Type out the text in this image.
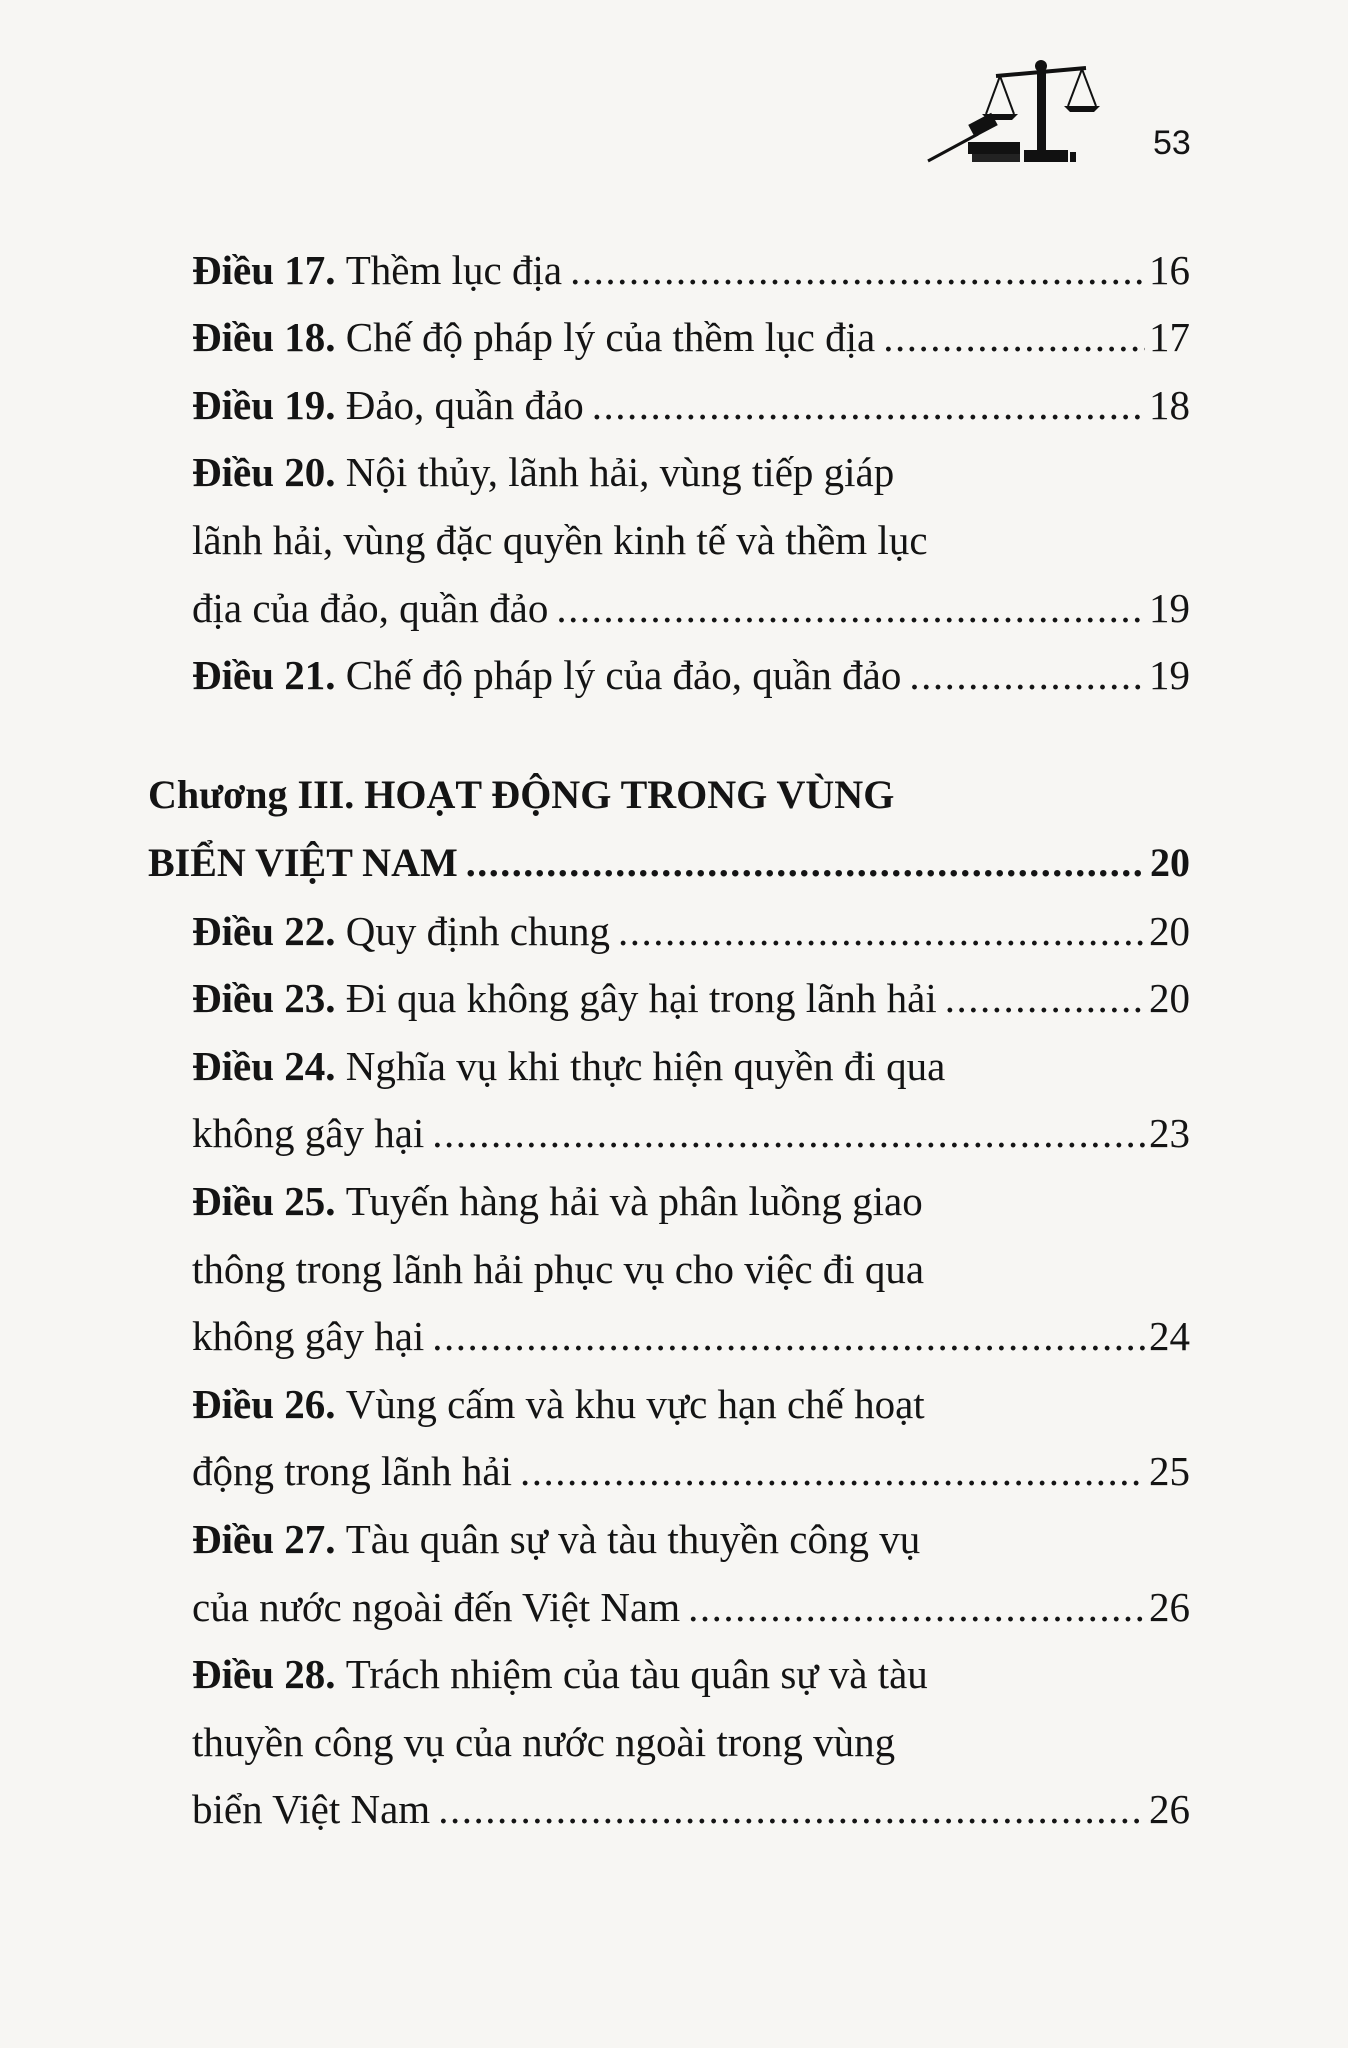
53
Điều 17.
Thềm lục địa .....	16
Điều 18.
Chế độ pháp lý của thềm lục địa .....	17
Điều 19.
Đảo, quần đảo .....	18
Điều 20.
Nội thủy, lãnh hải, vùng tiếp giáp
lãnh hải, vùng đặc quyền kinh tế và thềm lục
địa của đảo, quần đảo .....	19
Điều 21.
Chế độ pháp lý của đảo, quần đảo .....	19
Chương III. HOẠT ĐỘNG TRONG VÙNG
BIỂN VIỆT NAM .....	20
Điều 22.
Quy định chung .....	20
Điều 23.
Đi qua không gây hại trong lãnh hải .....	20
Điều 24.
Nghĩa vụ khi thực hiện quyền đi qua
không gây hại .....	23
Điều 25.
Tuyến hàng hải và phân luồng giao
thông trong lãnh hải phục vụ cho việc đi qua
không gây hại .....	24
Điều 26.
Vùng cấm và khu vực hạn chế hoạt
động trong lãnh hải .....	25
Điều 27.
Tàu quân sự và tàu thuyền công vụ
của nước ngoài đến Việt Nam .....	26
Điều 28.
Trách nhiệm của tàu quân sự và tàu
thuyền công vụ của nước ngoài trong vùng
biển Việt Nam .....	26
